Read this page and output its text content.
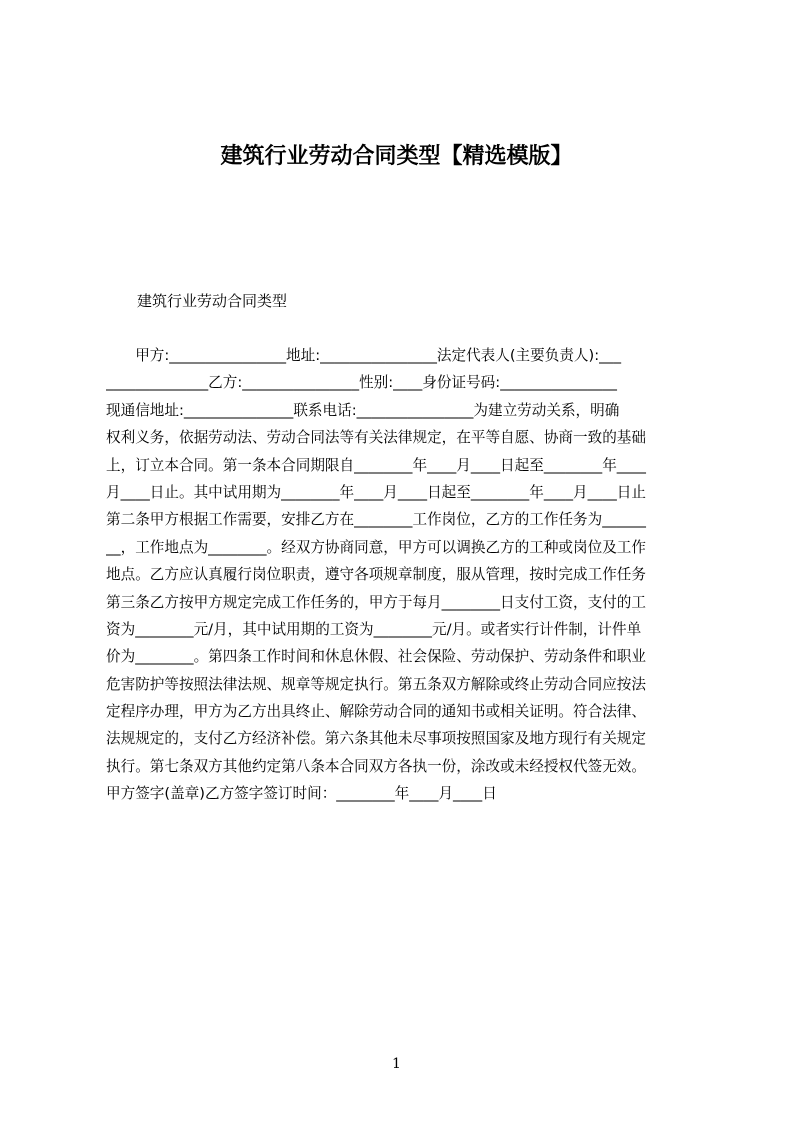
建筑行业劳动合同类型【精选模版】
建筑行业劳动合同类型
　　甲方:________________地址:________________法定代表人(主要负责人):___
______________乙方:________________性别:____身份证号码:________________
现通信地址:_______________联系电话:________________为建立劳动关系，明确
权利义务，依据劳动法、劳动合同法等有关法律规定，在平等自愿、协商一致的基础
上，订立本合同。第一条本合同期限自________年____月____日起至________年____
月____日止。其中试用期为________年____月____日起至________年____月____日止
第二条甲方根据工作需要，安排乙方在________工作岗位，乙方的工作任务为______
__，工作地点为________。经双方协商同意，甲方可以调换乙方的工种或岗位及工作
地点。乙方应认真履行岗位职责，遵守各项规章制度，服从管理，按时完成工作任务
第三条乙方按甲方规定完成工作任务的，甲方于每月________日支付工资，支付的工
资为________元/月，其中试用期的工资为________元/月。或者实行计件制，计件单
价为________。第四条工作时间和休息休假、社会保险、劳动保护、劳动条件和职业
危害防护等按照法律法规、规章等规定执行。第五条双方解除或终止劳动合同应按法
定程序办理，甲方为乙方出具终止、解除劳动合同的通知书或相关证明。符合法律、
法规规定的，支付乙方经济补偿。第六条其他未尽事项按照国家及地方现行有关规定
执行。第七条双方其他约定第八条本合同双方各执一份，涂改或未经授权代签无效。
甲方签字(盖章)乙方签字签订时间：________年____月____日
1
